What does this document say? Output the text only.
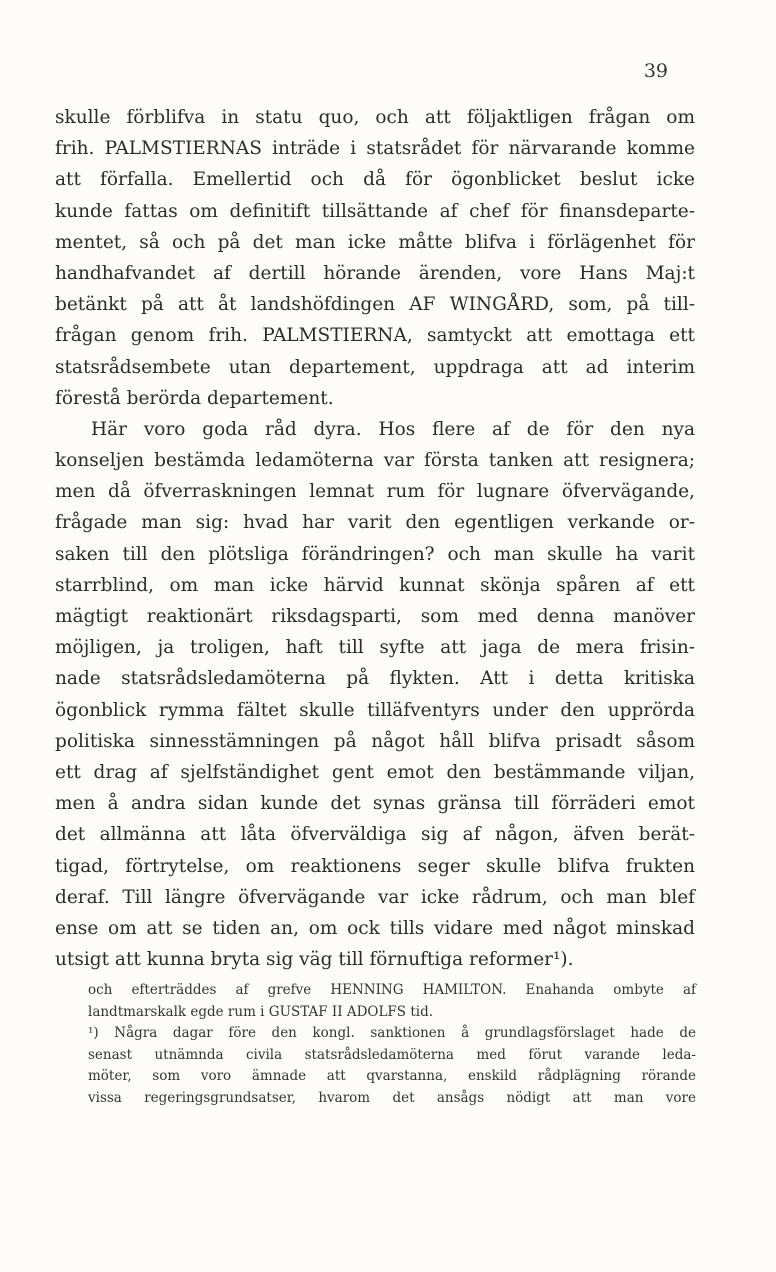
39
skulle förblifva in statu quo, och att följaktligen frågan om
frih. PALMSTIERNAS inträde i statsrådet för närvarande komme
att förfalla. Emellertid och då för ögonblicket beslut icke
kunde fattas om definitift tillsättande af chef för finansdeparte-
mentet, så och på det man icke måtte blifva i förlägenhet för
handhafvandet af dertill hörande ärenden, vore Hans Maj:t
betänkt på att åt landshöfdingen AF WINGÅRD, som, på till-
frågan genom frih. PALMSTIERNA, samtyckt att emottaga ett
statsrådsembete utan departement, uppdraga att ad interim
förestå berörda departement.
Här voro goda råd dyra. Hos flere af de för den nya
konseljen bestämda ledamöterna var första tanken att resignera;
men då öfverraskningen lemnat rum för lugnare öfvervägande,
frågade man sig: hvad har varit den egentligen verkande or-
saken till den plötsliga förändringen? och man skulle ha varit
starrblind, om man icke härvid kunnat skönja spåren af ett
mägtigt reaktionärt riksdagsparti, som med denna manöver
möjligen, ja troligen, haft till syfte att jaga de mera frisin-
nade statsrådsledamöterna på flykten. Att i detta kritiska
ögonblick rymma fältet skulle tilläfventyrs under den upprörda
politiska sinnesstämningen på något håll blifva prisadt såsom
ett drag af sjelfständighet gent emot den bestämmande viljan,
men å andra sidan kunde det synas gränsa till förräderi emot
det allmänna att låta öfverväldiga sig af någon, äfven berät-
tigad, förtrytelse, om reaktionens seger skulle blifva frukten
deraf. Till längre öfvervägande var icke rådrum, och man blef
ense om att se tiden an, om ock tills vidare med något minskad
utsigt att kunna bryta sig väg till förnuftiga reformer¹).
och efterträddes af grefve HENNING HAMILTON. Enahanda ombyte af
landtmarskalk egde rum i GUSTAF II ADOLFS tid.
¹) Några dagar före den kongl. sanktionen å grundlagsförslaget hade de
senast utnämnda civila statsrådsledamöterna med förut varande leda-
möter, som voro ämnade att qvarstanna, enskild rådplägning rörande
vissa regeringsgrundsatser, hvarom det ansågs nödigt att man vore
